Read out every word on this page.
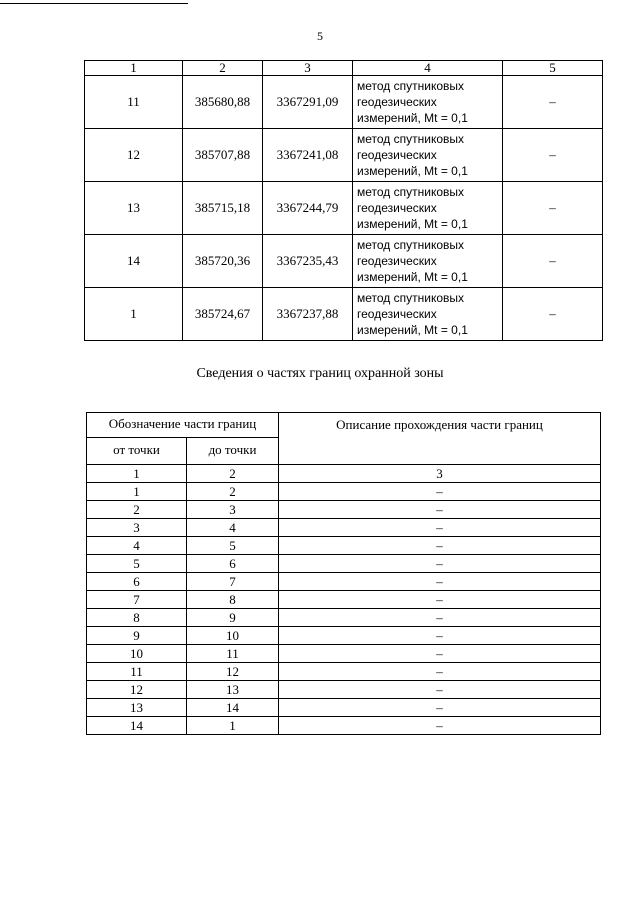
5
1	2	3	4	5
11	385680,88	3367291,09	метод спутниковых
геодезических
измерений, Mt = 0,1	–
12	385707,88	3367241,08	метод спутниковых
геодезических
измерений, Mt = 0,1	–
13	385715,18	3367244,79	метод спутниковых
геодезических
измерений, Mt = 0,1	–
14	385720,36	3367235,43	метод спутниковых
геодезических
измерений, Mt = 0,1	–
1	385724,67	3367237,88	метод спутниковых
геодезических
измерений, Mt = 0,1	–
Сведения о частях границ охранной зоны
Обозначение части границ		Описание прохождения части границ
от точки	до точки	
1	2	3
1	2	–
2	3	–
3	4	–
4	5	–
5	6	–
6	7	–
7	8	–
8	9	–
9	10	–
10	11	–
11	12	–
12	13	–
13	14	–
14	1	–
